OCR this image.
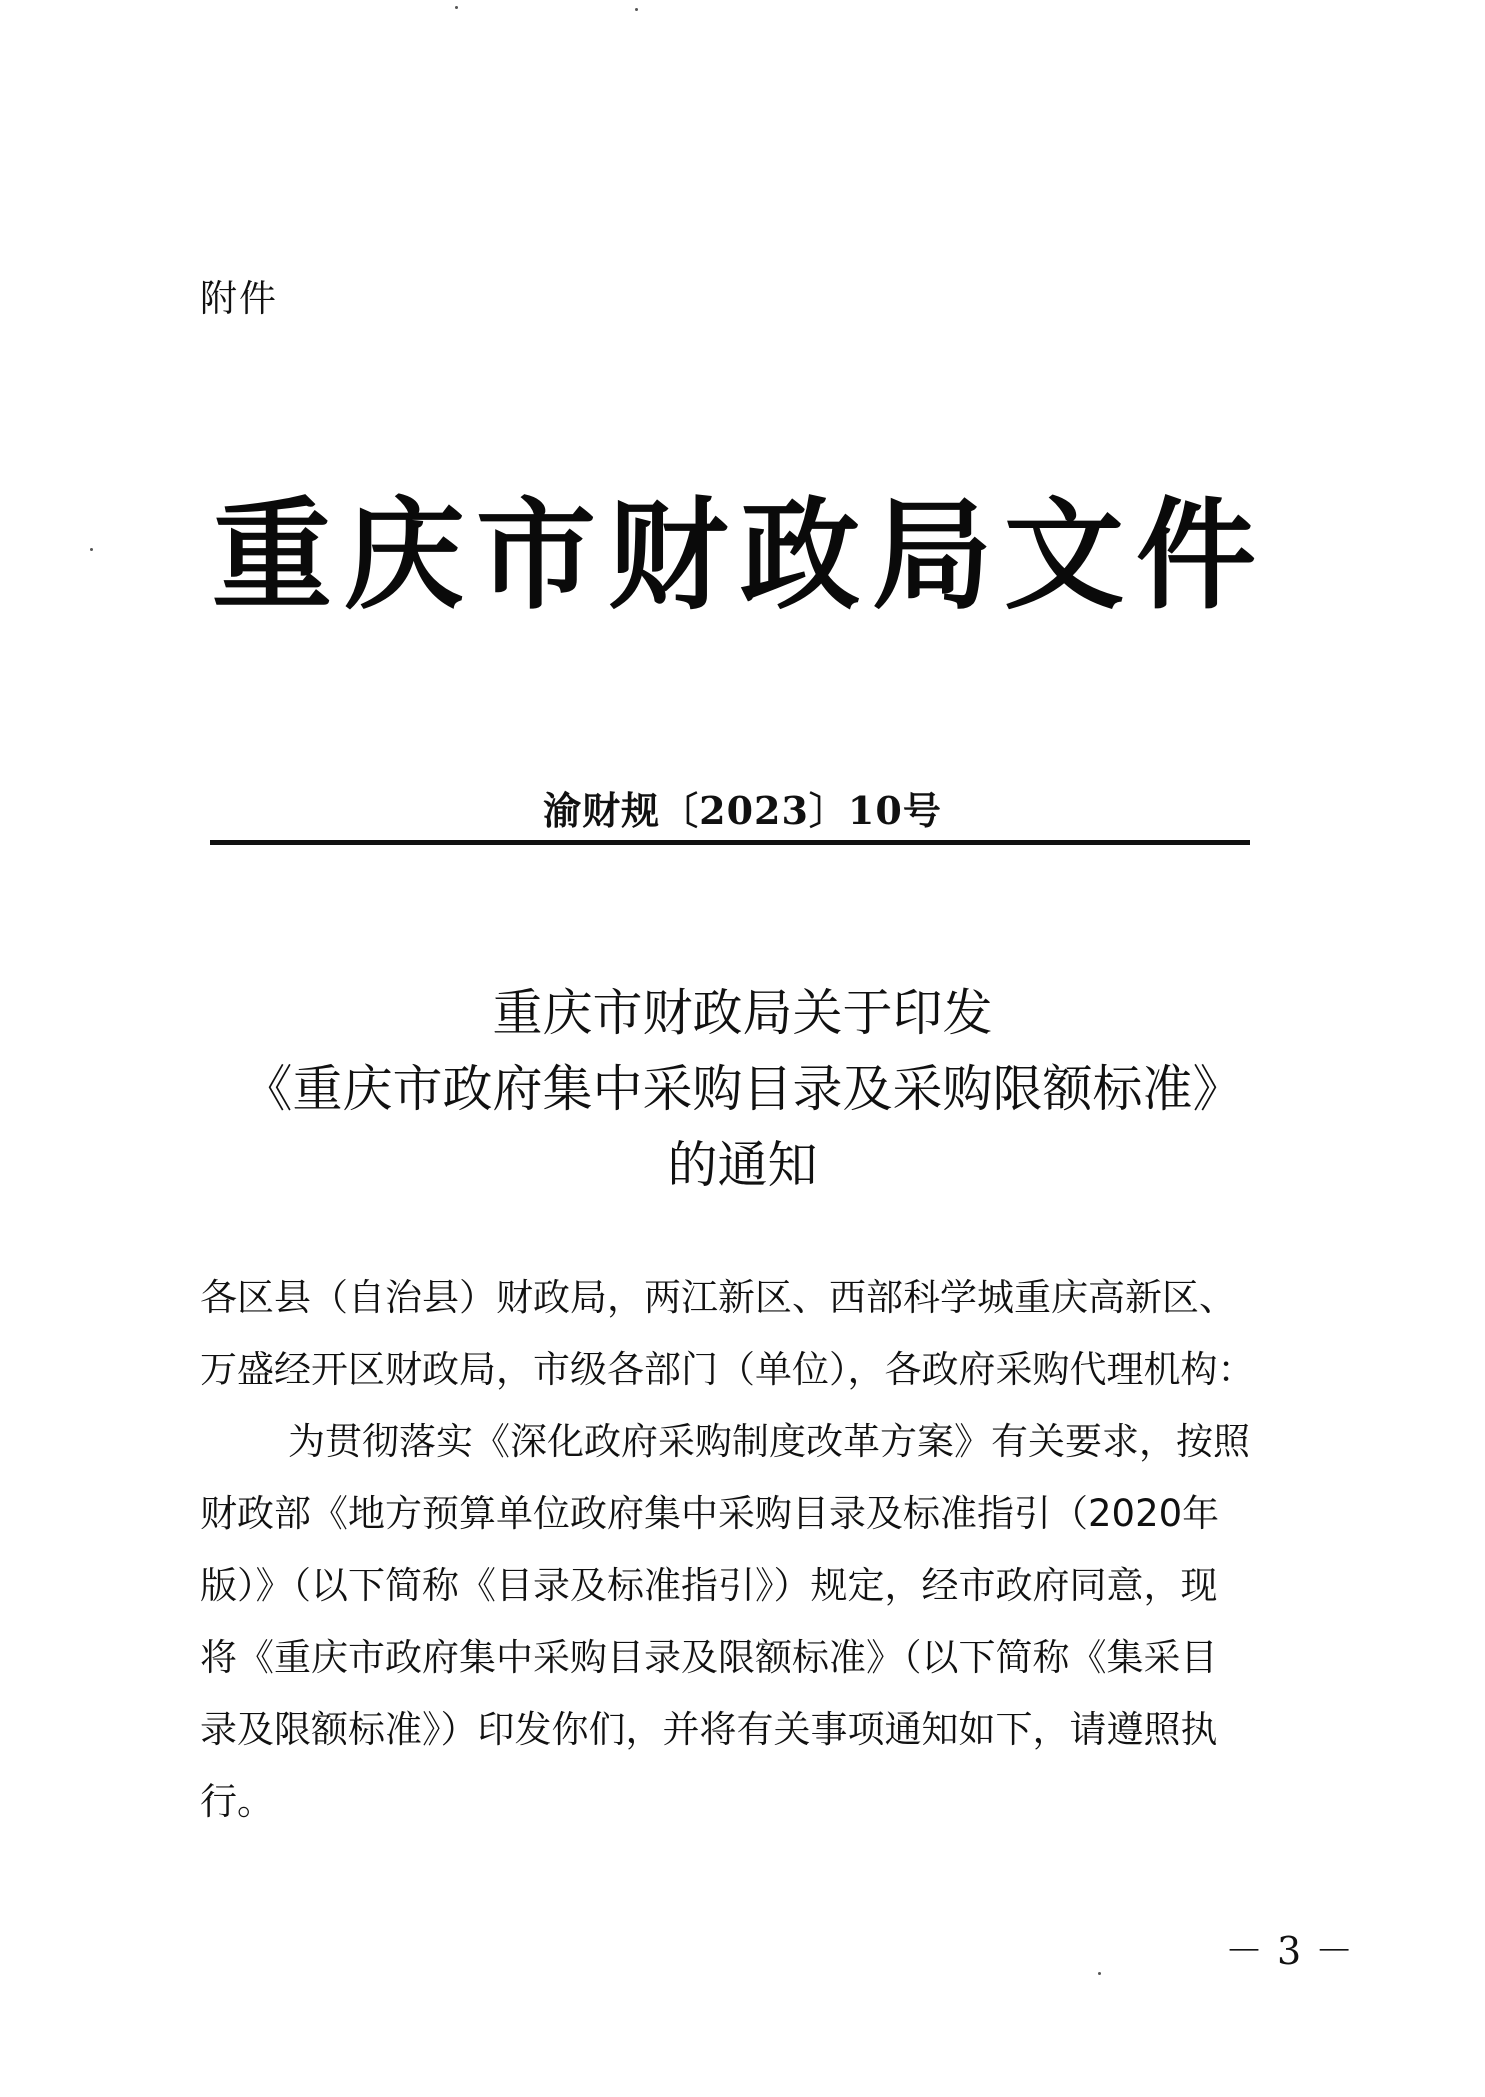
附件
重庆市财政局文件
渝财规〔2023〕10号
重庆市财政局关于印发
《重庆市政府集中采购目录及采购限额标准》
的通知
各区县（自治县）财政局，两江新区、西部科学城重庆高新区、
万盛经开区财政局，市级各部门（单位），各政府采购代理机构：
为贯彻落实《深化政府采购制度改革方案》有关要求，按照
财政部《地方预算单位政府集中采购目录及标准指引（2020年
版）》（以下简称《目录及标准指引》）规定，经市政府同意，现
将《重庆市政府集中采购目录及限额标准》（以下简称《集采目
录及限额标准》）印发你们，并将有关事项通知如下，请遵照执
行。
－3－
